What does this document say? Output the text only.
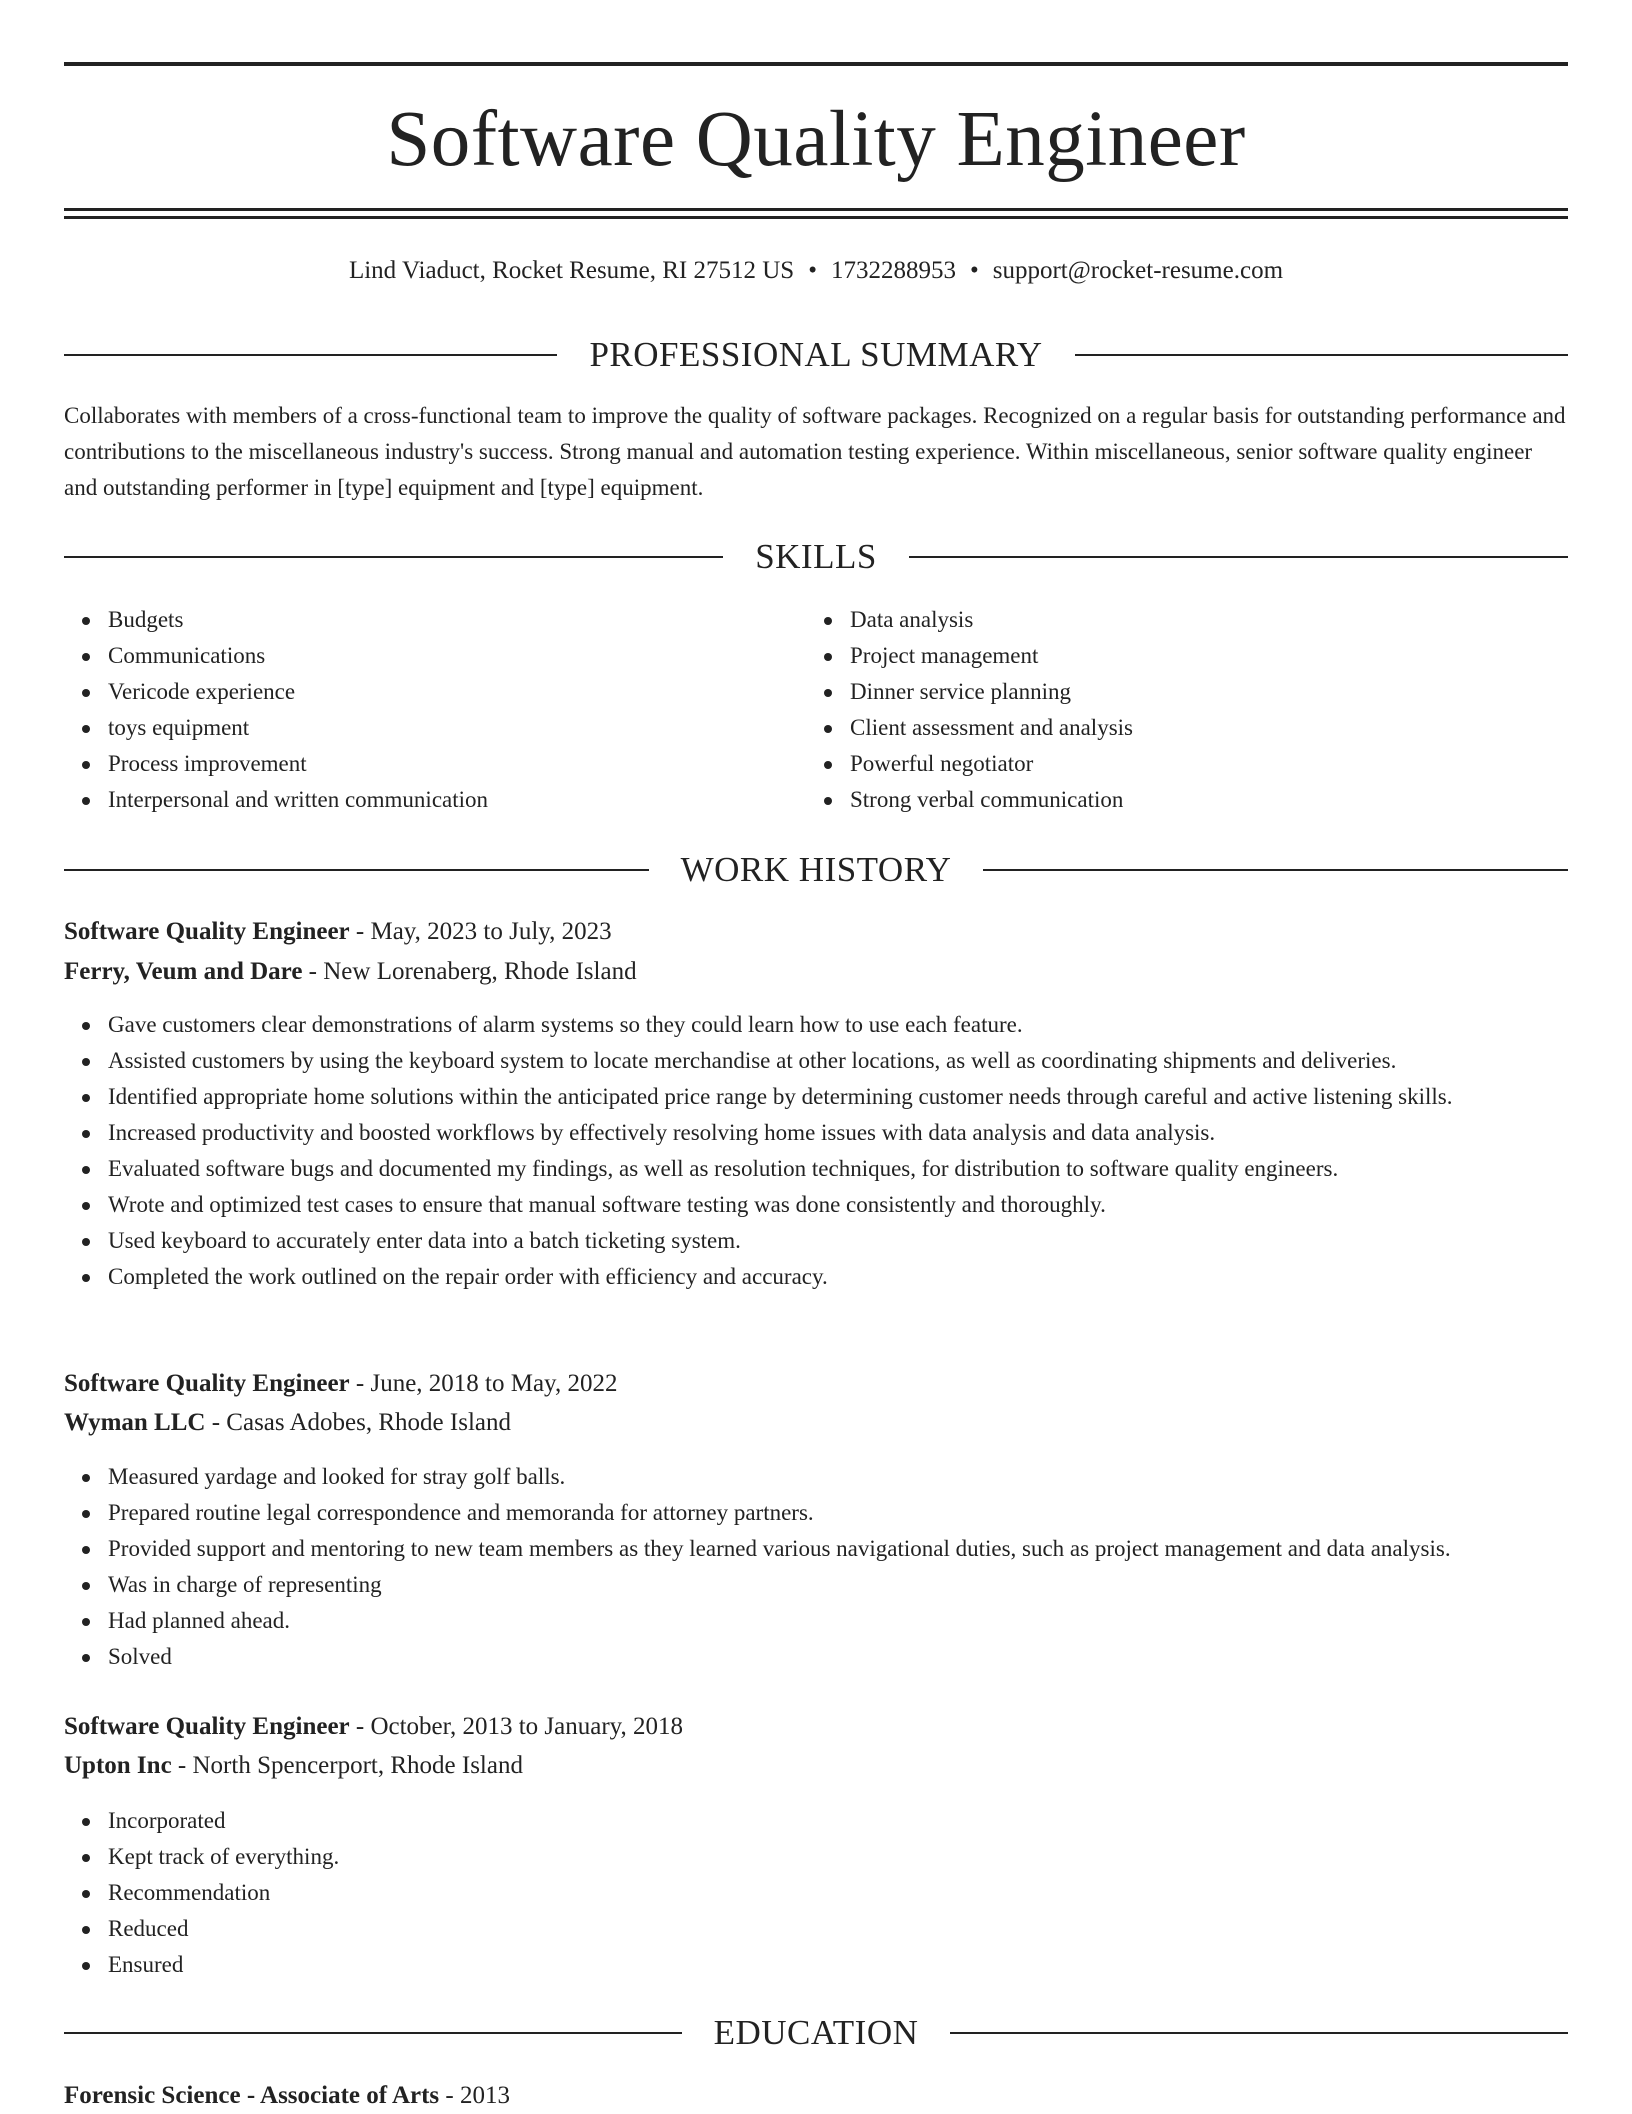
Software Quality Engineer
Lind Viaduct, Rocket Resume, RI 27512 US • 1732288953 • support@rocket-resume.com
PROFESSIONAL SUMMARY

Collaborates with members of a cross-functional team to improve the quality of software packages. Recognized on a regular basis for outstanding performance and contributions to the miscellaneous industry's success. Strong manual and automation testing experience. Within miscellaneous, senior software quality engineer and outstanding performer in [type] equipment and [type] equipment.

SKILLS
Budgets
Communications
Vericode experience
toys equipment
Process improvement
Interpersonal and written communication
Data analysis
Project management
Dinner service planning
Client assessment and analysis
Powerful negotiator
Strong verbal communication
WORK HISTORY
Software Quality Engineer - May, 2023 to July, 2023
Ferry, Veum and Dare - New Lorenaberg, Rhode Island
Gave customers clear demonstrations of alarm systems so they could learn how to use each feature.
Assisted customers by using the keyboard system to locate merchandise at other locations, as well as coordinating shipments and deliveries.
Identified appropriate home solutions within the anticipated price range by determining customer needs through careful and active listening skills.
Increased productivity and boosted workflows by effectively resolving home issues with data analysis and data analysis.
Evaluated software bugs and documented my findings, as well as resolution techniques, for distribution to software quality engineers.
Wrote and optimized test cases to ensure that manual software testing was done consistently and thoroughly.
Used keyboard to accurately enter data into a batch ticketing system.
Completed the work outlined on the repair order with efficiency and accuracy.
Software Quality Engineer - June, 2018 to May, 2022
Wyman LLC - Casas Adobes, Rhode Island
Measured yardage and looked for stray golf balls.
Prepared routine legal correspondence and memoranda for attorney partners.
Provided support and mentoring to new team members as they learned various navigational duties, such as project management and data analysis.
Was in charge of representing
Had planned ahead.
Solved
Software Quality Engineer - October, 2013 to January, 2018
Upton Inc - North Spencerport, Rhode Island
Incorporated
Kept track of everything.
Recommendation
Reduced
Ensured
EDUCATION
Forensic Science - Associate of Arts - 2013
